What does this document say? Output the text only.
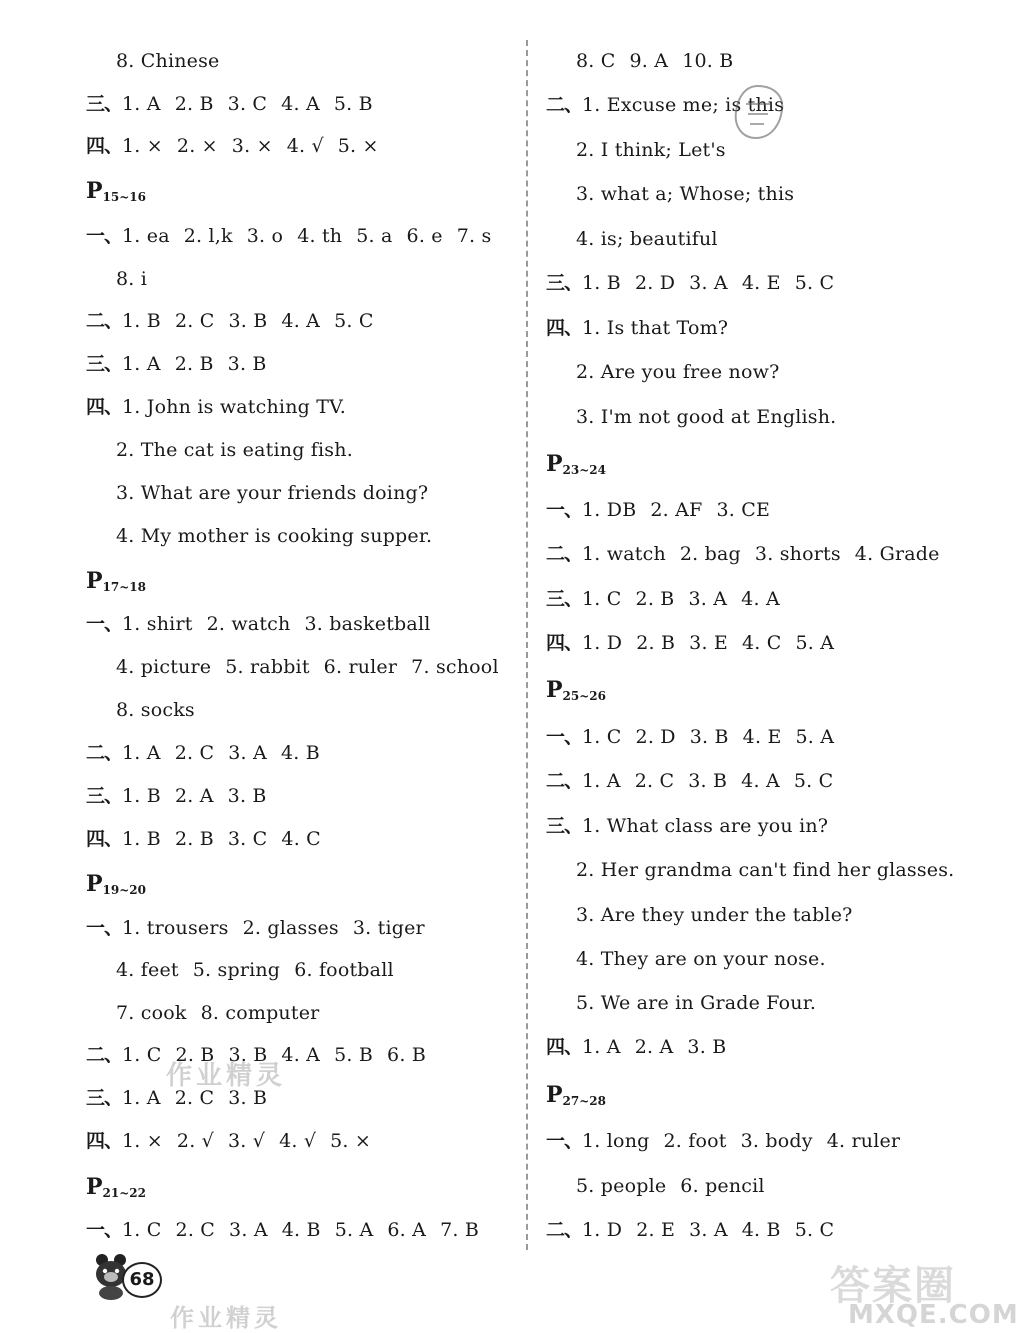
8. Chinese
三、1. A 2. B 3. C 4. A 5. B
四、1. × 2. × 3. × 4. √ 5. ×
$P_{15\sim 16}$
一、1. ea 2. l,k 3. o 4. th 5. a 6. e 7. s
8. i
二、1. B 2. C 3. B 4. A 5. C
三、1. A 2. B 3. B
四、1. John is watching TV.
2. The cat is eating fish.
3. What are your friends doing?
4. My mother is cooking supper.
$P_{17\sim 18}$
一、1. shirt 2. watch 3. basketball
4. picture 5. rabbit 6. ruler 7. school
8. socks
二、1. A 2. C 3. A 4. B
三、1. B 2. A 3. B
四、1. B 2. B 3. C 4. C
$P_{19\sim 20}$
一、1. trousers 2. glasses 3. tiger
4. feet 5. spring 6. football
7. cook 8. computer
二、1. C 2. B 3. B 4. A 5. B 6. B
三、1. A 2. C 3. B
四、1. × 2. √ 3. √ 4. √ 5. ×
$P_{21\sim 22}$
一、1. C 2. C 3. A 4. B 5. A 6. A 7. B
8. C 9. A 10. B
二、1. Excuse me; is this
2. I think; Let's
3. what a; Whose; this
4. is; beautiful
三、1. B 2. D 3. A 4. E 5. C
四、1. Is that Tom?
2. Are you free now?
3. I'm not good at English.
$P_{23\sim 24}$
一、1. DB 2. AF 3. CE
二、1. watch 2. bag 3. shorts 4. Grade
三、1. C 2. B 3. A 4. A
四、1. D 2. B 3. E 4. C 5. A
$P_{25\sim 26}$
一、1. C 2. D 3. B 4. E 5. A
二、1. A 2. C 3. B 4. A 5. C
三、1. What class are you in?
2. Her grandma can't find her glasses.
3. Are they under the table?
4. They are on your nose.
5. We are in Grade Four.
四、1. A 2. A 3. B
$P_{27\sim 28}$
一、1. long 2. foot 3. body 4. ruler
5. people 6. pencil
二、1. D 2. E 3. A 4. B 5. C
68
作业精灵
作业精灵
答案圈
MXQE.COM
